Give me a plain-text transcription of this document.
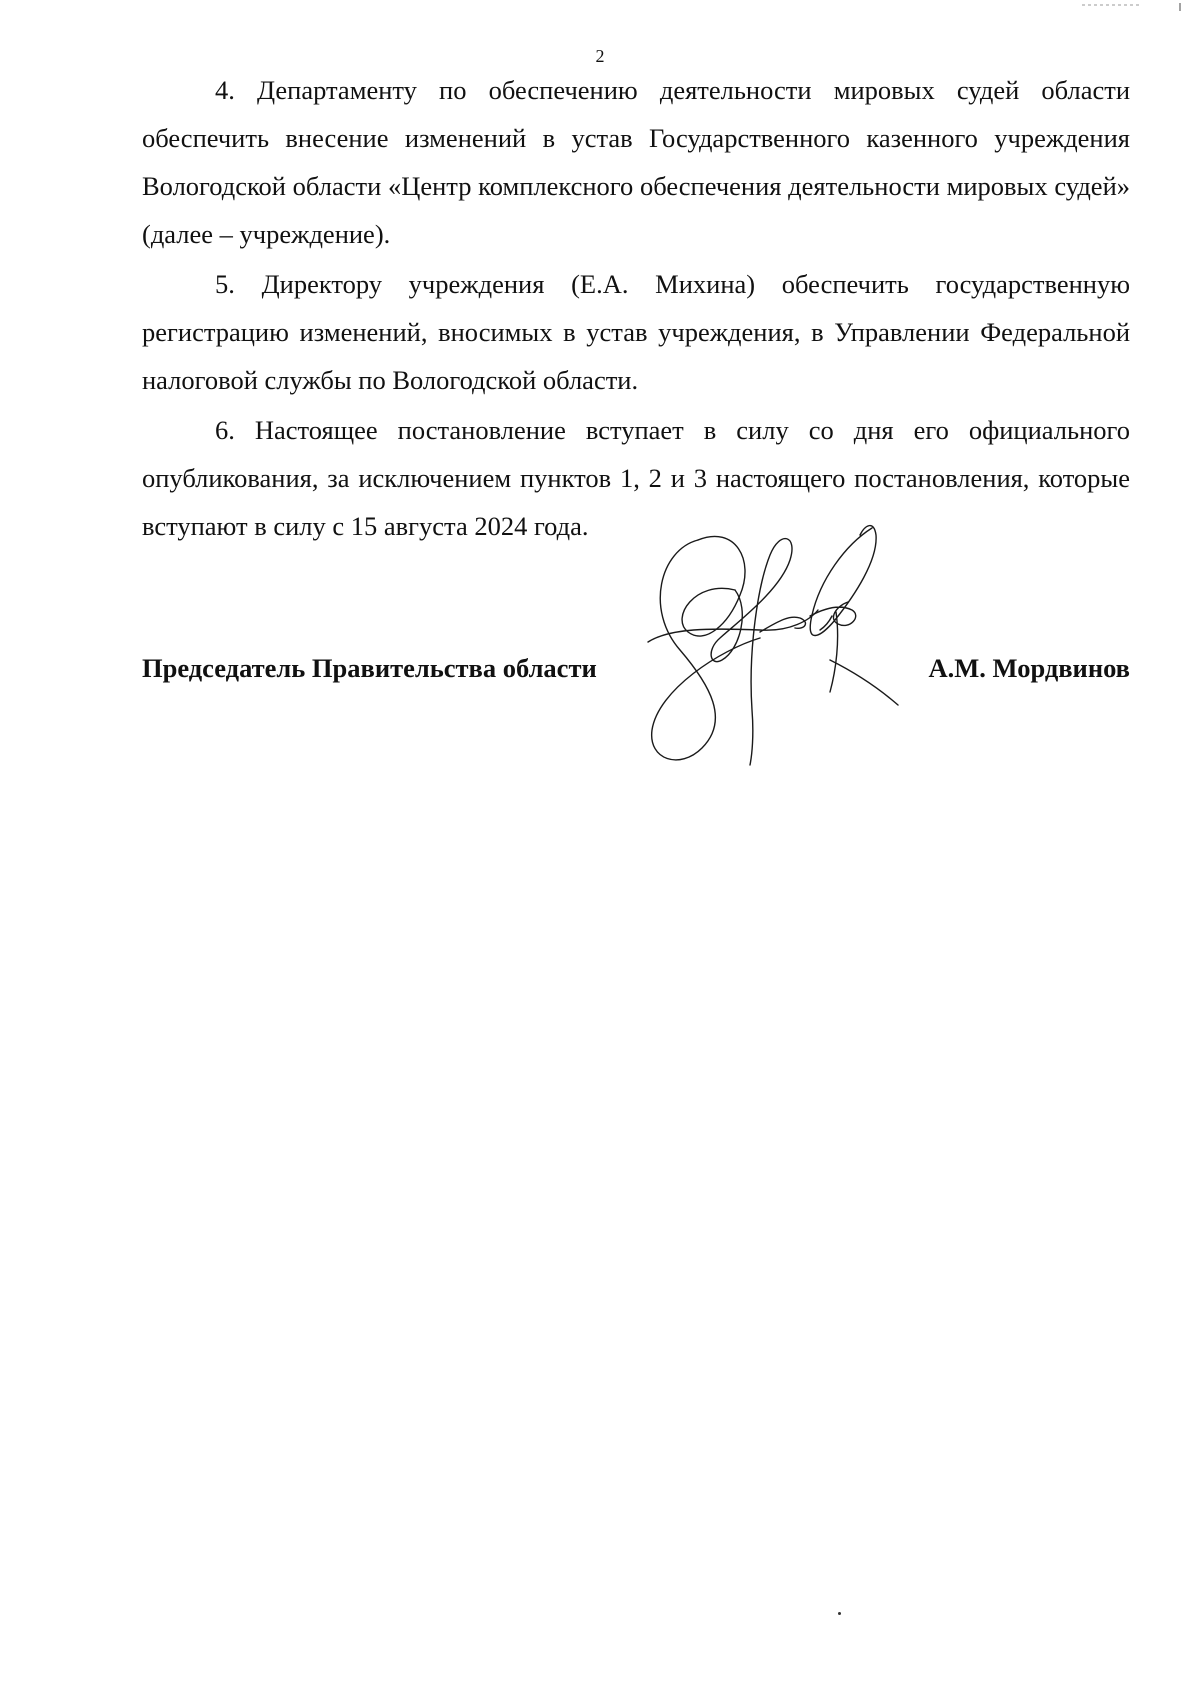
2

4. Департаменту по обеспечению деятельности мировых судей области обеспечить внесение изменений в устав Государственного казенного учреждения Вологодской области «Центр комплексного обеспечения деятельности мировых судей» (далее – учреждение).

5. Директору учреждения (Е.А. Михина) обеспечить государственную регистрацию изменений, вносимых в устав учреждения, в Управлении Федеральной налоговой службы по Вологодской области.

6. Настоящее постановление вступает в силу со дня его официального опубликования, за исключением пунктов 1, 2 и 3 настоящего постановления, которые вступают в силу с 15 августа 2024 года.

Председатель Правительства области	А.М. Мордвинов
